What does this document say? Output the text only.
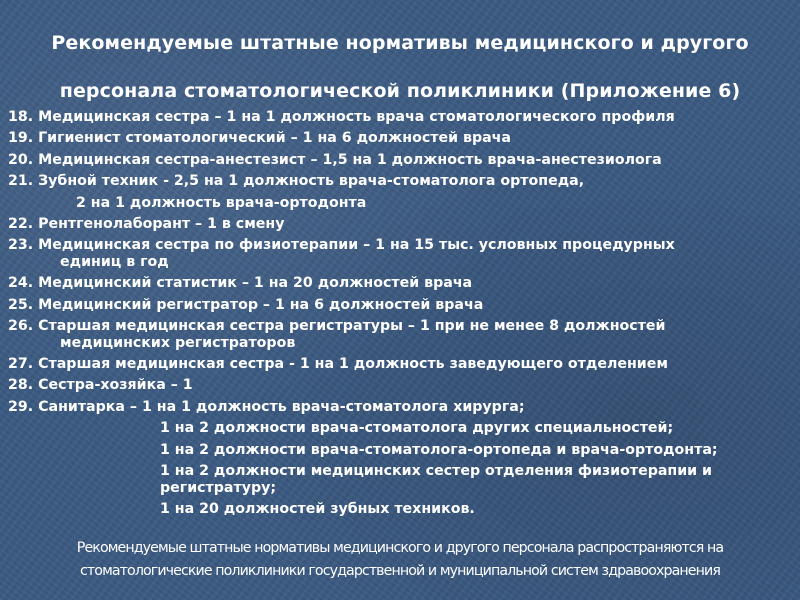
Рекомендуемые штатные нормативы медицинского и другого
персонала стоматологической поликлиники (Приложение 6)
18. Медицинская сестра – 1 на 1 должность врача стоматологического профиля
19. Гигиенист стоматологический – 1 на 6 должностей врача
20. Медицинская сестра-анестезист – 1,5 на 1 должность врача-анестезиолога
21. Зубной техник - 2,5 на 1 должность врача-стоматолога ортопеда,
2 на 1 должность врача-ортодонта
22. Рентгенолаборант – 1 в смену
23. Медицинская сестра по физиотерапии – 1 на 15 тыс. условных процедурных
единиц в год
24. Медицинский статистик – 1 на 20 должностей врача
25. Медицинский регистратор – 1 на 6 должностей врача
26. Старшая медицинская сестра регистратуры – 1 при не менее 8 должностей
медицинских регистраторов
27. Старшая медицинская сестра - 1 на 1 должность заведующего отделением
28. Сестра-хозяйка – 1
29. Санитарка – 1 на 1 должность врача-стоматолога хирурга;
1 на 2 должности врача-стоматолога других специальностей;
1 на 2 должности врача-стоматолога-ортопеда и врача-ортодонта;
1 на 2 должности медицинских сестер отделения физиотерапии и
регистратуру;
1 на 20 должностей зубных техников.
Рекомендуемые штатные нормативы медицинского и другого персонала распространяются на
стоматологические поликлиники государственной и муниципальной систем здравоохранения
